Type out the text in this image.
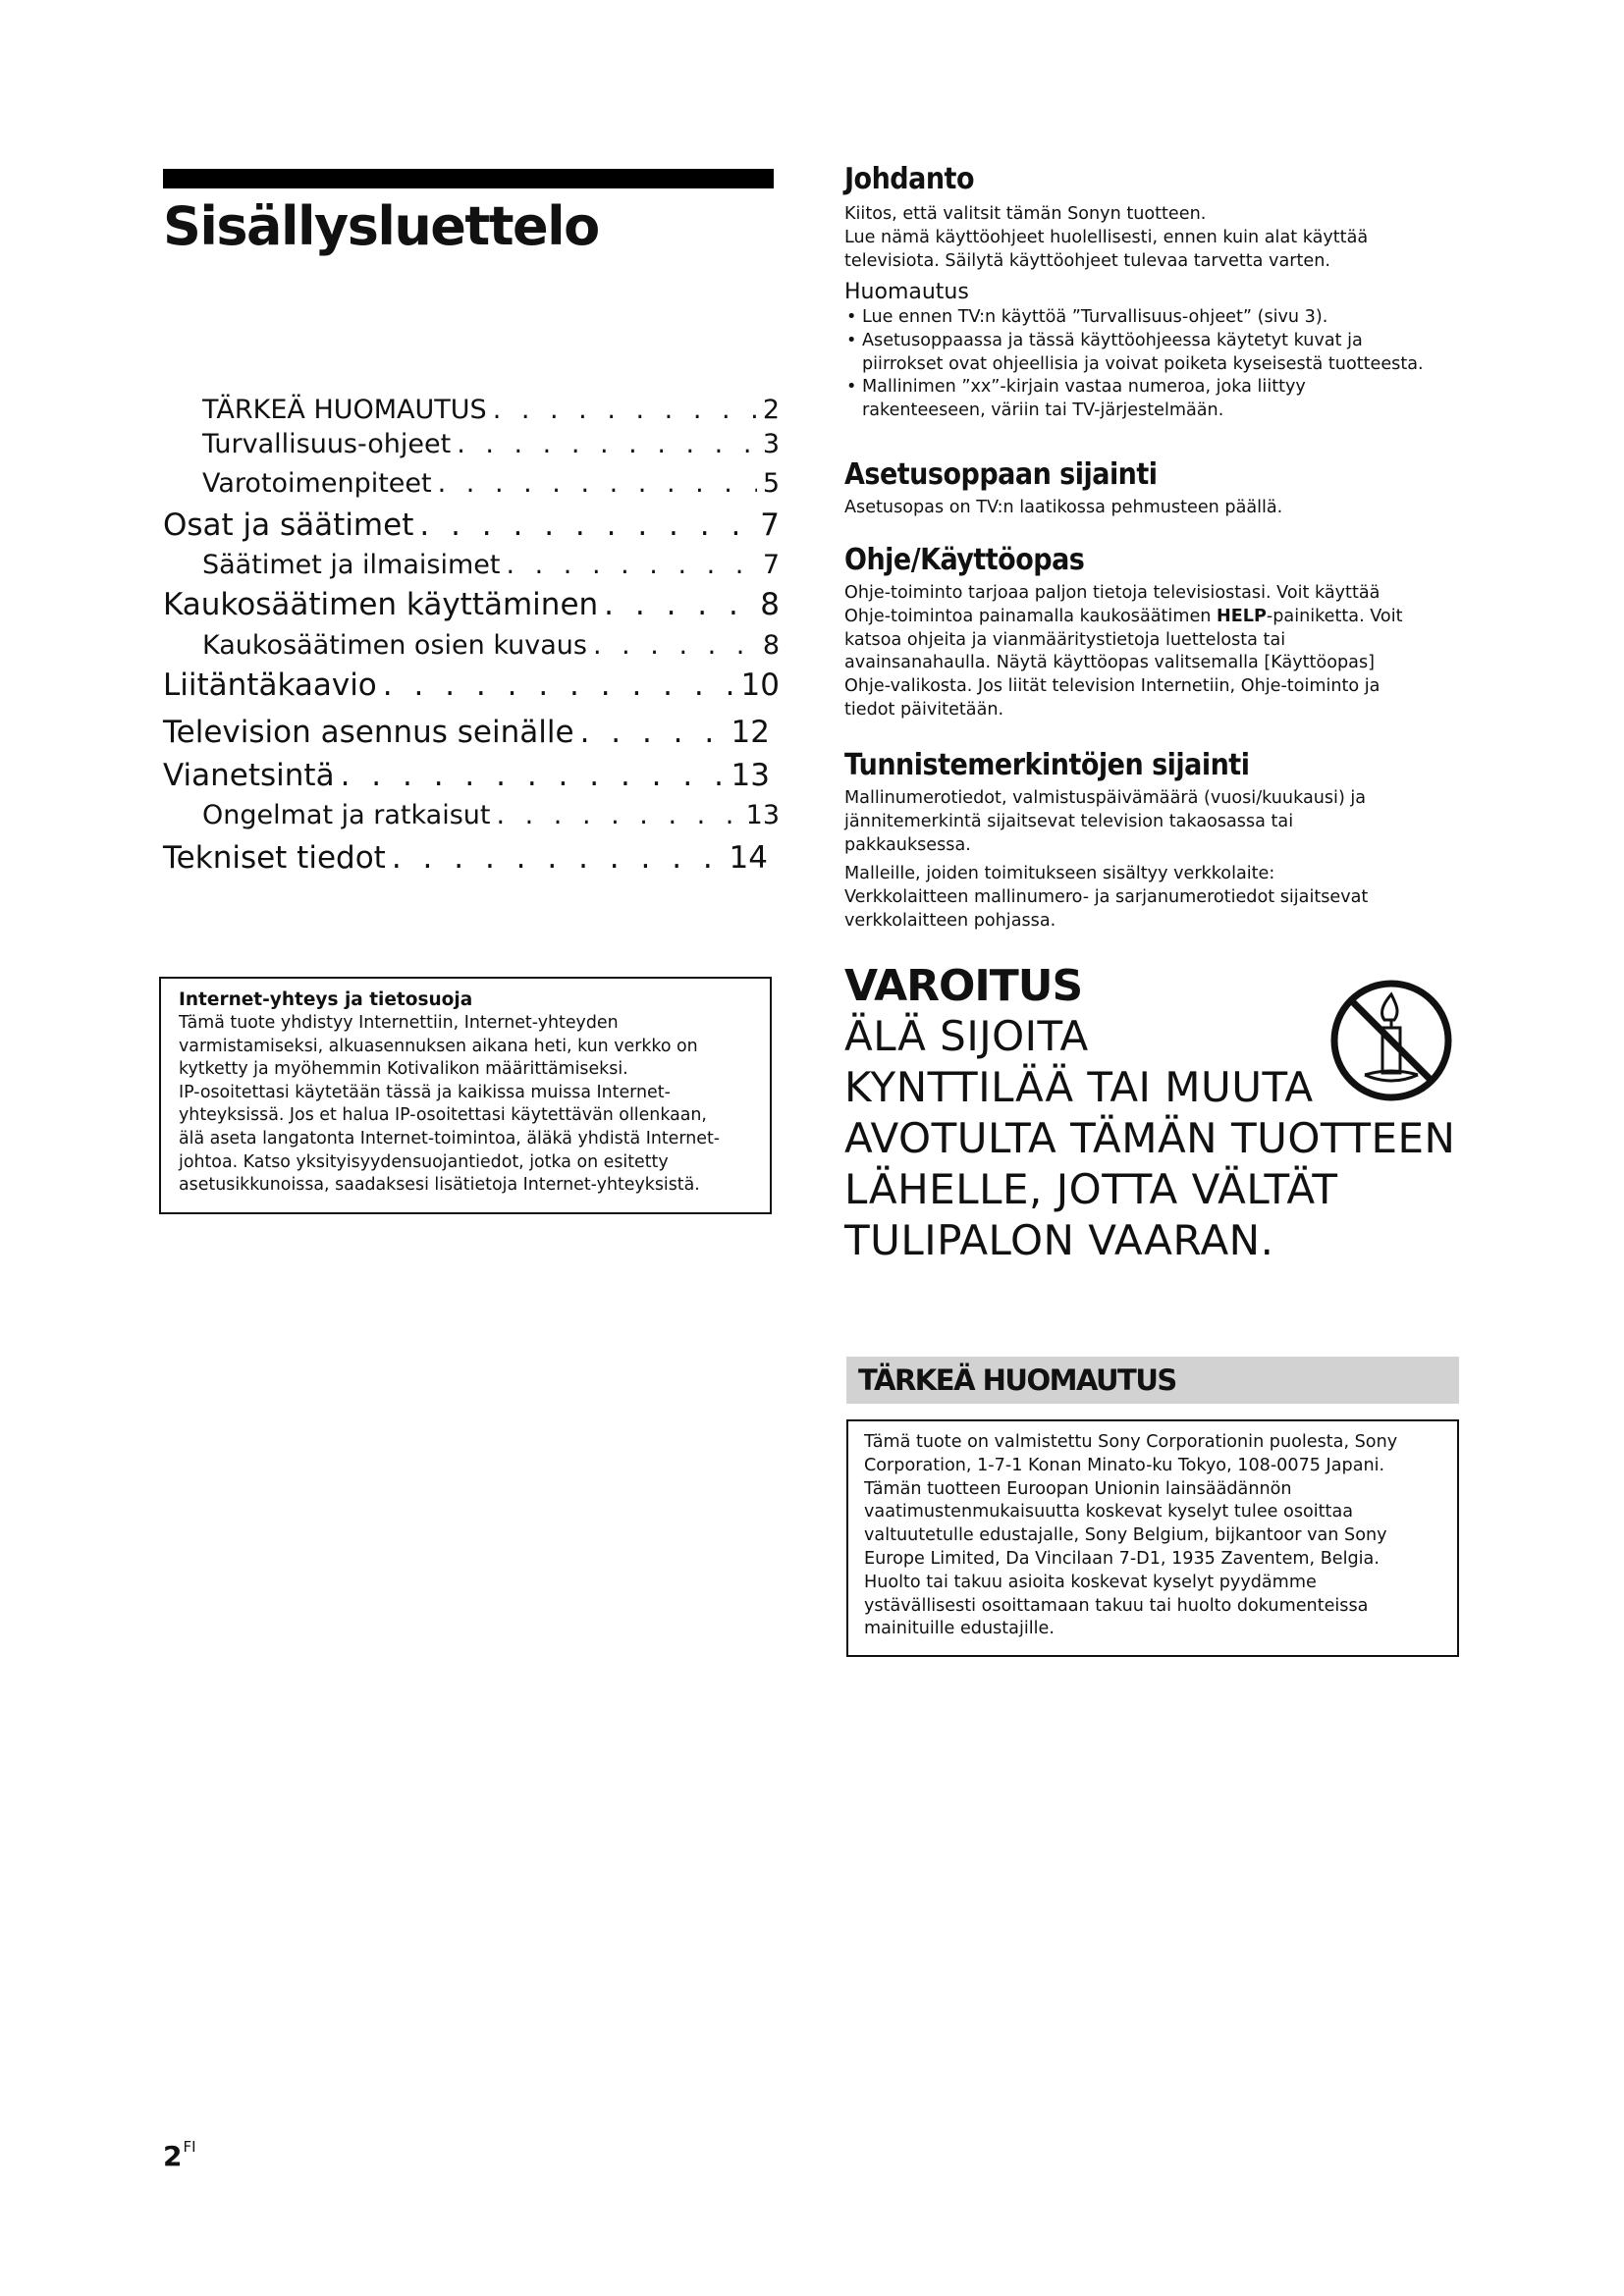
Sisällysluettelo
TÄRKEÄ HUOMAUTUS . . .	2
Turvallisuus-ohjeet . . .	3
Varotoimenpiteet . . .	5
Osat ja säätimet . . .	7
Säätimet ja ilmaisimet . . .	7
Kaukosäätimen käyttäminen . . .	8
Kaukosäätimen osien kuvaus . . .	8
Liitäntäkaavio . . .	10
Television asennus seinälle . . .	12
Vianetsintä . . .	13
Ongelmat ja ratkaisut . . .	13
Tekniset tiedot . . .	14
Internet-yhteys ja tietosuoja
Tämä tuote yhdistyy Internettiin, Internet-yhteyden
varmistamiseksi, alkuasennuksen aikana heti, kun verkko on
kytketty ja myöhemmin Kotivalikon määrittämiseksi.
IP-osoitettasi käytetään tässä ja kaikissa muissa Internet-
yhteyksissä. Jos et halua IP-osoitettasi käytettävän ollenkaan,
älä aseta langatonta Internet-toimintoa, äläkä yhdistä Internet-
johtoa. Katso yksityisyydensuojantiedot, jotka on esitetty
asetusikkunoissa, saadaksesi lisätietoja Internet-yhteyksistä.
$2^{FI}$
Johdanto
Kiitos, että valitsit tämän Sonyn tuotteen.
Lue nämä käyttöohjeet huolellisesti, ennen kuin alat käyttää
televisiota. Säilytä käyttöohjeet tulevaa tarvetta varten.
Huomautus
• Lue ennen TV:n käyttöä ”Turvallisuus-ohjeet” (sivu 3).
• Asetusoppaassa ja tässä käyttöohjeessa käytetyt kuvat ja
piirrokset ovat ohjeellisia ja voivat poiketa kyseisestä tuotteesta.
• Mallinimen ”xx”-kirjain vastaa numeroa, joka liittyy
rakenteeseen, väriin tai TV-järjestelmään.
Asetusoppaan sijainti
Asetusopas on TV:n laatikossa pehmusteen päällä.
Ohje/Käyttöopas
Ohje-toiminto tarjoaa paljon tietoja televisiostasi. Voit käyttää
Ohje-toimintoa painamalla kaukosäätimen HELP-painiketta. Voit
katsoa ohjeita ja vianmääritystietoja luettelosta tai
avainsanahaulla. Näytä käyttöopas valitsemalla [Käyttöopas]
Ohje-valikosta. Jos liität television Internetiin, Ohje-toiminto ja
tiedot päivitetään.
Tunnistemerkintöjen sijainti
Mallinumerotiedot, valmistuspäivämäärä (vuosi/kuukausi) ja
jännitemerkintä sijaitsevat television takaosassa tai
pakkauksessa.
Malleille, joiden toimitukseen sisältyy verkkolaite:
Verkkolaitteen mallinumero- ja sarjanumerotiedot sijaitsevat
verkkolaitteen pohjassa.
VAROITUS
ÄLÄ SIJOITA
KYNTTILÄÄ TAI MUUTA
AVOTULTA TÄMÄN TUOTTEEN
LÄHELLE, JOTTA VÄLTÄT
TULIPALON VAARAN.
TÄRKEÄ HUOMAUTUS
Tämä tuote on valmistettu Sony Corporationin puolesta, Sony
Corporation, 1-7-1 Konan Minato-ku Tokyo, 108-0075 Japani.
Tämän tuotteen Euroopan Unionin lainsäädännön
vaatimustenmukaisuutta koskevat kyselyt tulee osoittaa
valtuutetulle edustajalle, Sony Belgium, bijkantoor van Sony
Europe Limited, Da Vincilaan 7-D1, 1935 Zaventem, Belgia.
Huolto tai takuu asioita koskevat kyselyt pyydämme
ystävällisesti osoittamaan takuu tai huolto dokumenteissa
mainituille edustajille.
